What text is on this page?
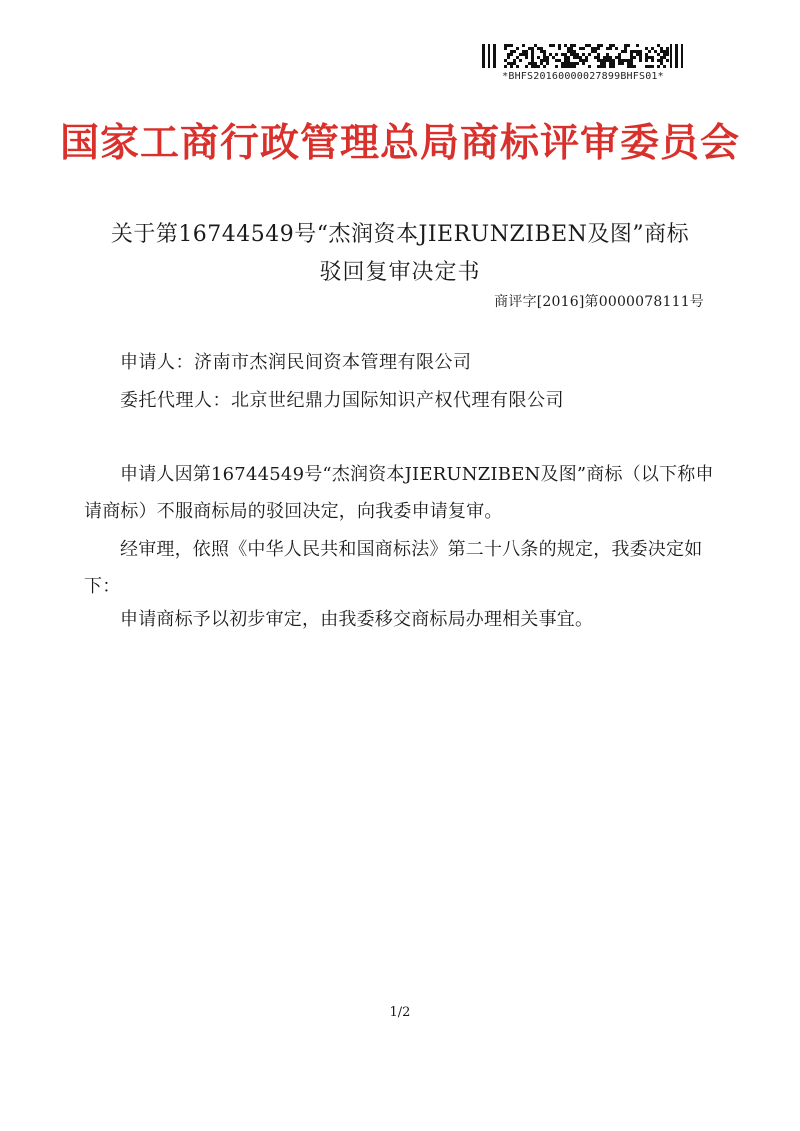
*BHFS20160000027899BHFS01*
国家工商行政管理总局商标评审委员会
关于第16744549号“杰润资本JIERUNZIBEN及图”商标
驳回复审决定书
商评字[2016]第0000078111号
申请人：济南市杰润民间资本管理有限公司
委托代理人：北京世纪鼎力国际知识产权代理有限公司
申请人因第16744549号“杰润资本JIERUNZIBEN及图”商标（以下称申请商标）不服商标局的驳回决定，向我委申请复审。
经审理，依照《中华人民共和国商标法》第二十八条的规定，我委决定如下：
申请商标予以初步审定，由我委移交商标局办理相关事宜。
1/2
